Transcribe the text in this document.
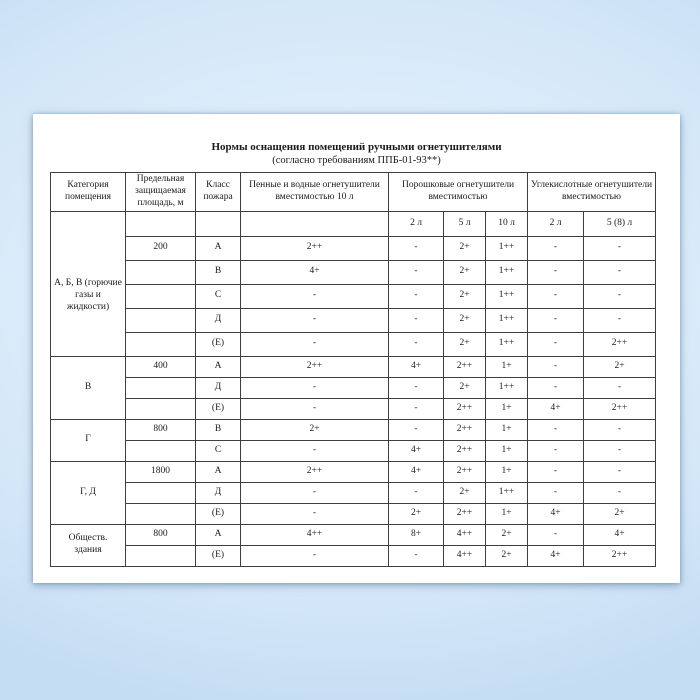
Нормы оснащения помещений ручными огнетушителями

(согласно требованиям ППБ-01-93**)

Категория помещения	Предельная защищаемая площадь, м	Класс пожара	Пенные и водные огнетушители вместимостью 10 л	Порошковые огнетушители вместимостью			Углекислотные огнетушители вместимостью	
				2 л	5 л	10 л	2 л	5 (8) л
А, Б, В (горючие газы и жидкости)	200	А	2++	-	2+	1++	-	-
		В	4+	-	2+	1++	-	-
		С	-	-	2+	1++	-	-
		Д	-	-	2+	1++	-	-
		(Е)	-	-	2+	1++	-	2++
В	400	А	2++	4+	2++	1+	-	2+
		Д	-	-	2+	1++	-	-
		(Е)	-	-	2++	1+	4+	2++
Г	800	В	2+	-	2++	1+	-	-
		С	-	4+	2++	1+	-	-
Г, Д	1800	А	2++	4+	2++	1+	-	-
		Д	-	-	2+	1++	-	-
		(Е)	-	2+	2++	1+	4+	2+
Обществ. здания	800	А	4++	8+	4++	2+	-	4+
		(Е)	-	-	4++	2+	4+	2++
